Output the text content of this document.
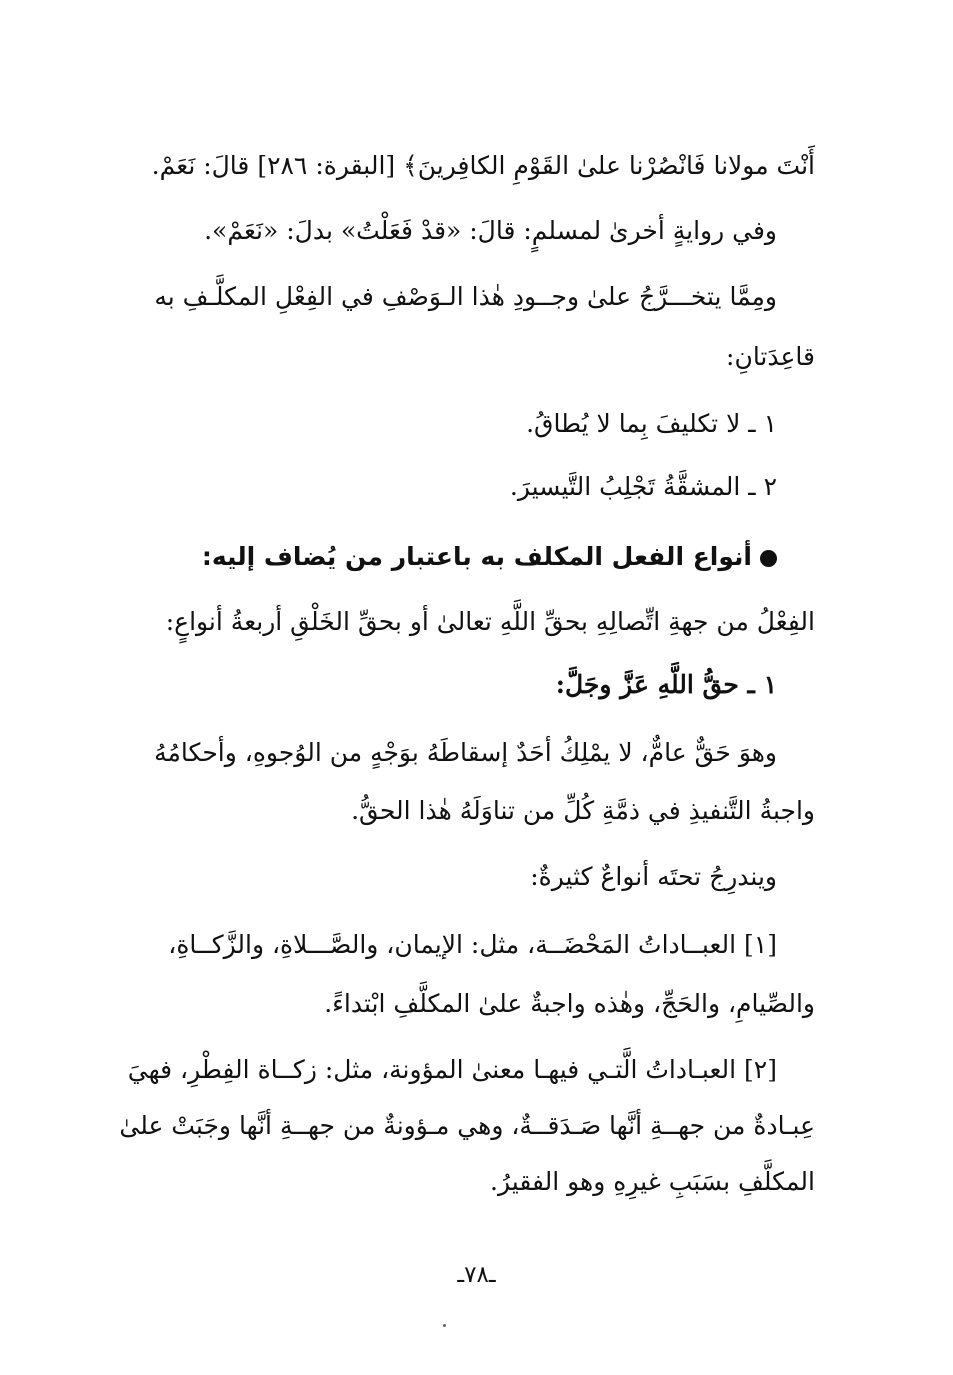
أَنْتَ مولانا فَانْصُرْنا علىٰ القَوْمِ الكافِرينَ﴾ [البقرة: ٢٨٦] قالَ: نَعَمْ.
وفي روايةٍ أخرىٰ لمسلمٍ: قالَ: «قدْ فَعَلْتُ» بدلَ: «نَعَمْ».
ومِمَّا يتخـــرَّجُ علىٰ وجــودِ هٰذا الـوَصْفِ في الفِعْلِ المكلَّـفِ به
قاعِدَتانِ:
١ ـ لا تكليفَ بِما لا يُطاقُ.
٢ ـ المشقَّةُ تَجْلِبُ التَّيسيرَ.
أنواع الفعل المكلف به باعتبار من يُضاف إليه:
الفِعْلُ من جهةِ اتِّصالِهِ بحقِّ اللَّهِ تعالىٰ أو بحقِّ الخَلْقِ أربعةُ أنواعٍ:
١ ـ حقُّ اللَّهِ عَزَّ وجَلَّ:
وهوَ حَقٌّ عامٌّ، لا يمْلِكُ أحَدٌ إسقاطَهُ بوَجْهٍ من الوُجوهِ، وأحكامُهُ
واجبةُ التَّنفيذِ في ذمَّةِ كُلِّ من تناوَلَهُ هٰذا الحقُّ.
ويندرِجُ تحتَه أنواعٌ كثيرةٌ:
[١] العبــاداتُ المَحْضَــة، مثل: الإيمان، والصَّـــلاةِ، والزَّكــاةِ،
والصِّيامِ، والحَجِّ، وهٰذه واجبةٌ علىٰ المكلَّفِ ابْتداءً.
[٢] العبـاداتُ الَّتـي فيهـا معنىٰ المؤونة، مثل: زكــاة الفِطْرِ، فهيَ
عِبـادةٌ من جهــةِ أنَّها صَـدَقــةٌ، وهي مـؤونةٌ من جهــةِ أنَّها وجَبَتْ علىٰ
المكلَّفِ بسَبَبِ غيرِهِ وهو الفقيرُ.
ـ٧٨ـ
